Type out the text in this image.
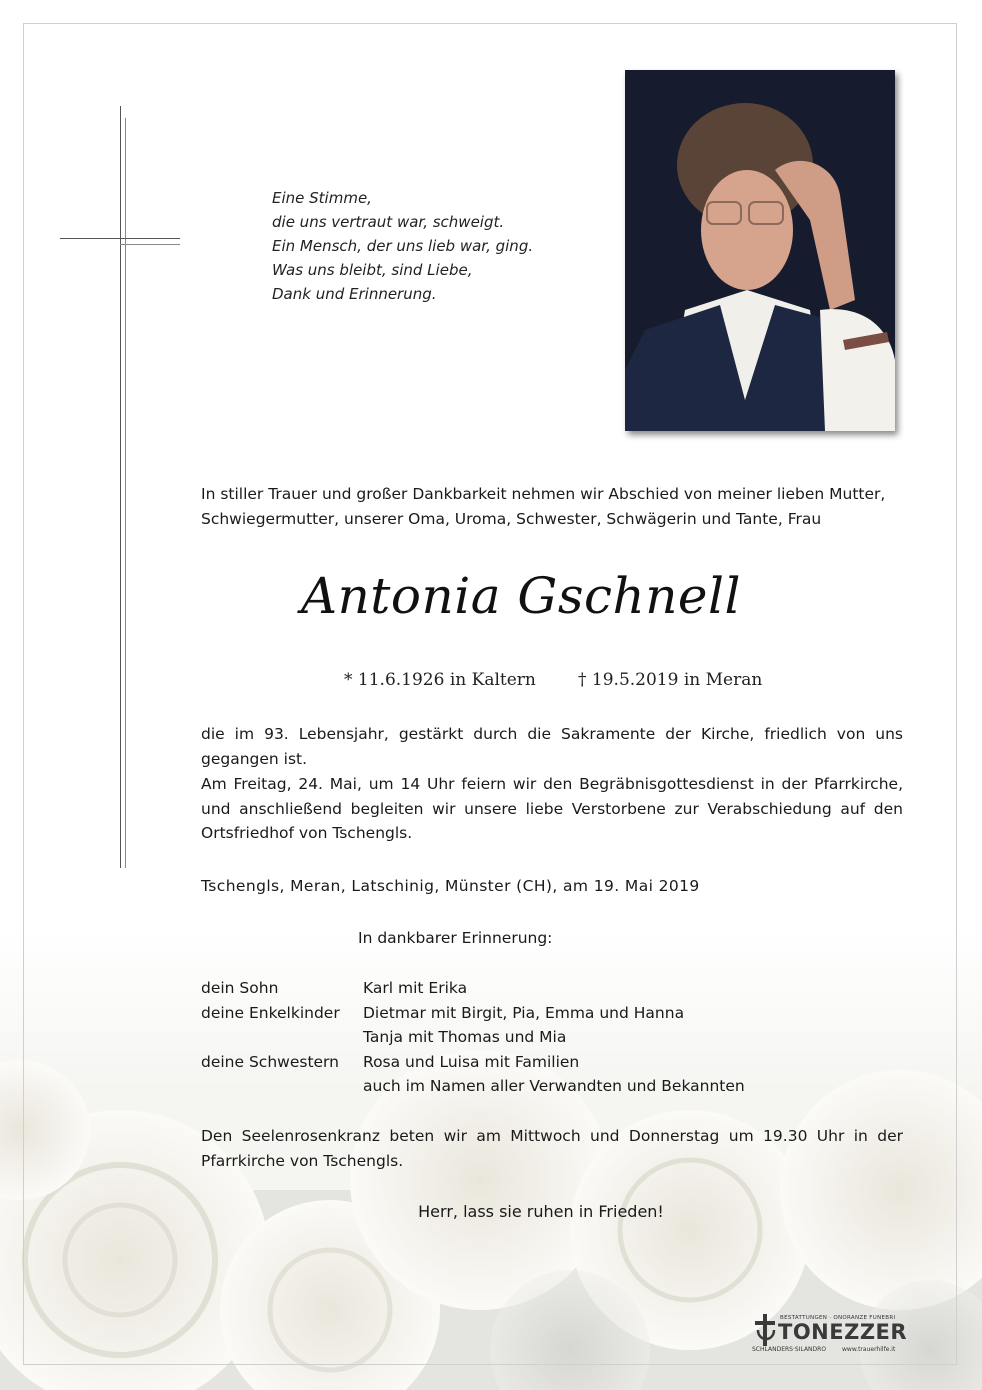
Eine Stimme,
die uns vertraut war, schweigt.
Ein Mensch, der uns lieb war, ging.
Was uns bleibt, sind Liebe,
Dank und Erinnerung.
In stiller Trauer und großer Dankbarkeit nehmen wir Abschied von meiner lieben Mutter,
Schwiegermutter, unserer Oma, Uroma, Schwester, Schwägerin und Tante, Frau
Antonia Gschnell
* 11.6.1926 in Kaltern † 19.5.2019 in Meran
die im 93. Lebensjahr, gestärkt durch die Sakramente der Kirche, friedlich von uns gegangen ist.
Am Freitag, 24. Mai, um 14 Uhr feiern wir den Begräbnisgottesdienst in der Pfarrkirche, und anschließend begleiten wir unsere liebe Verstorbene zur Verabschiedung auf den Ortsfriedhof von Tschengls.
Tschengls, Meran, Latschinig, Münster (CH), am 19. Mai 2019
In dankbarer Erinnerung:
dein Sohn	Karl mit Erika
deine Enkelkinder	Dietmar mit Birgit, Pia, Emma und Hanna
Tanja mit Thomas und Mia
deine Schwestern	Rosa und Luisa mit Familien
auch im Namen aller Verwandten und Bekannten
Den Seelenrosenkranz beten wir am Mittwoch und Donnerstag um 19.30 Uhr in der Pfarrkirche von Tschengls.
Herr, lass sie ruhen in Frieden!
BESTATTUNGEN · ONORANZE FUNEBRI
TONEZZER
SCHLANDERS·SILANDRO	www.trauerhilfe.it
